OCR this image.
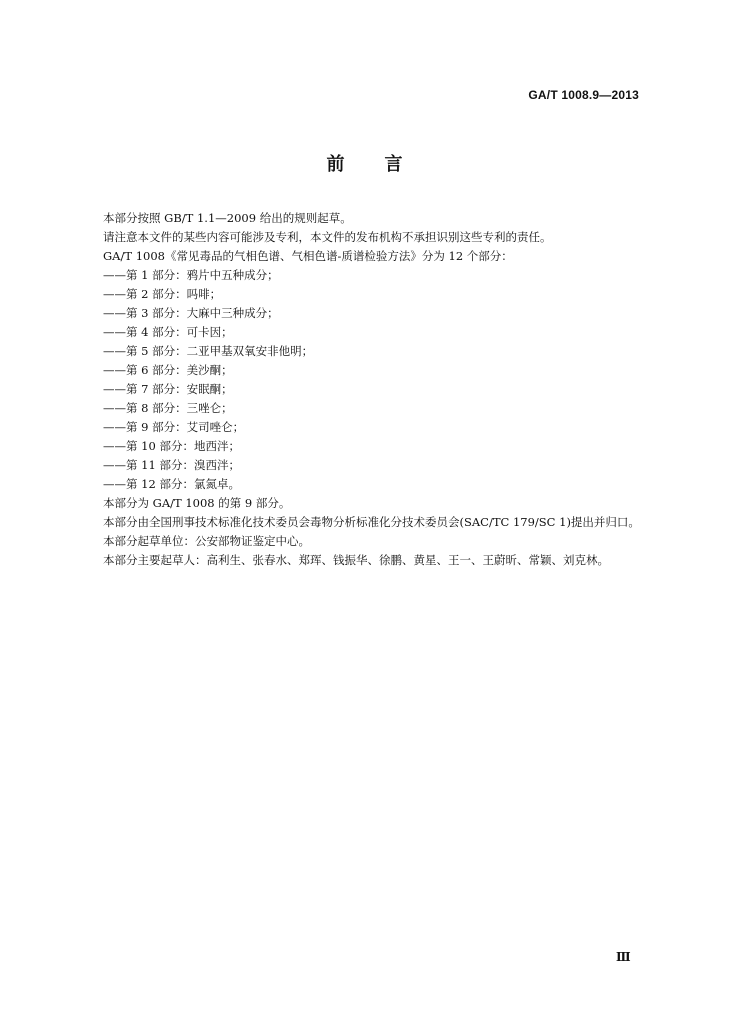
GA/T 1008.9—2013
前言

本部分按照 GB/T 1.1—2009 给出的规则起草。

请注意本文件的某些内容可能涉及专利，本文件的发布机构不承担识别这些专利的责任。

GA/T 1008《常见毒品的气相色谱、气相色谱-质谱检验方法》分为 12 个部分：

——第 1 部分：鸦片中五种成分；
——第 2 部分：吗啡；
——第 3 部分：大麻中三种成分；
——第 4 部分：可卡因；
——第 5 部分：二亚甲基双氧安非他明；
——第 6 部分：美沙酮；
——第 7 部分：安眠酮；
——第 8 部分：三唑仑；
——第 9 部分：艾司唑仑；
——第 10 部分：地西泮；
——第 11 部分：溴西泮；
——第 12 部分：氯氮卓。

本部分为 GA/T 1008 的第 9 部分。

本部分由全国刑事技术标准化技术委员会毒物分析标准化分技术委员会(SAC/TC 179/SC 1)提出并归口。

本部分起草单位：公安部物证鉴定中心。

本部分主要起草人：高利生、张春水、郑珲、钱振华、徐鹏、黄星、王一、王蔚昕、常颖、刘克林。

Ⅲ
